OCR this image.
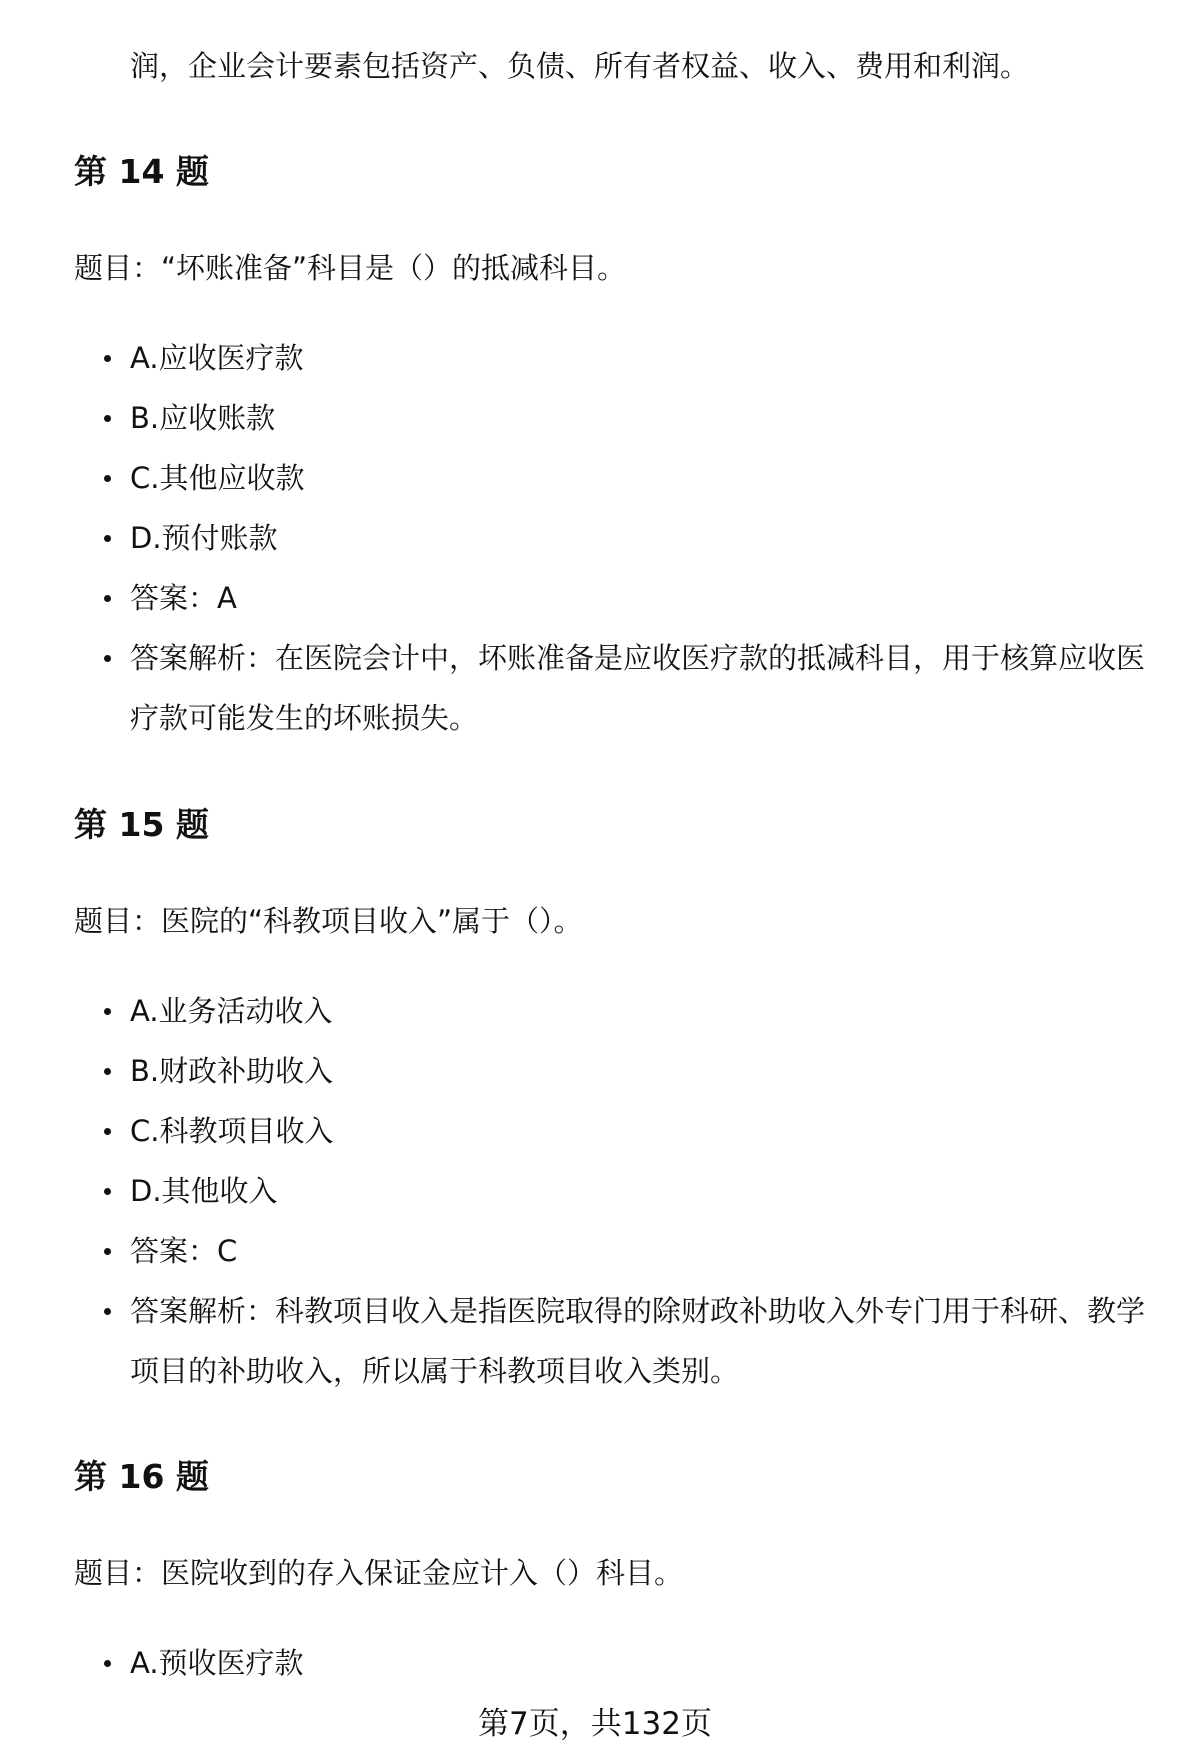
润，企业会计要素包括资产、负债、所有者权益、收入、费用和利润。
第 14 题
题目：“坏账准备”科目是（）的抵减科目。
A.应收医疗款
B.应收账款
C.其他应收款
D.预付账款
答案：A
答案解析：在医院会计中，坏账准备是应收医疗款的抵减科目，用于核算应收医疗款可能发生的坏账损失。
第 15 题
题目：医院的“科教项目收入”属于（）。
A.业务活动收入
B.财政补助收入
C.科教项目收入
D.其他收入
答案：C
答案解析：科教项目收入是指医院取得的除财政补助收入外专门用于科研、教学项目的补助收入，所以属于科教项目收入类别。
第 16 题
题目：医院收到的存入保证金应计入（）科目。
A.预收医疗款
第7页，共132页
